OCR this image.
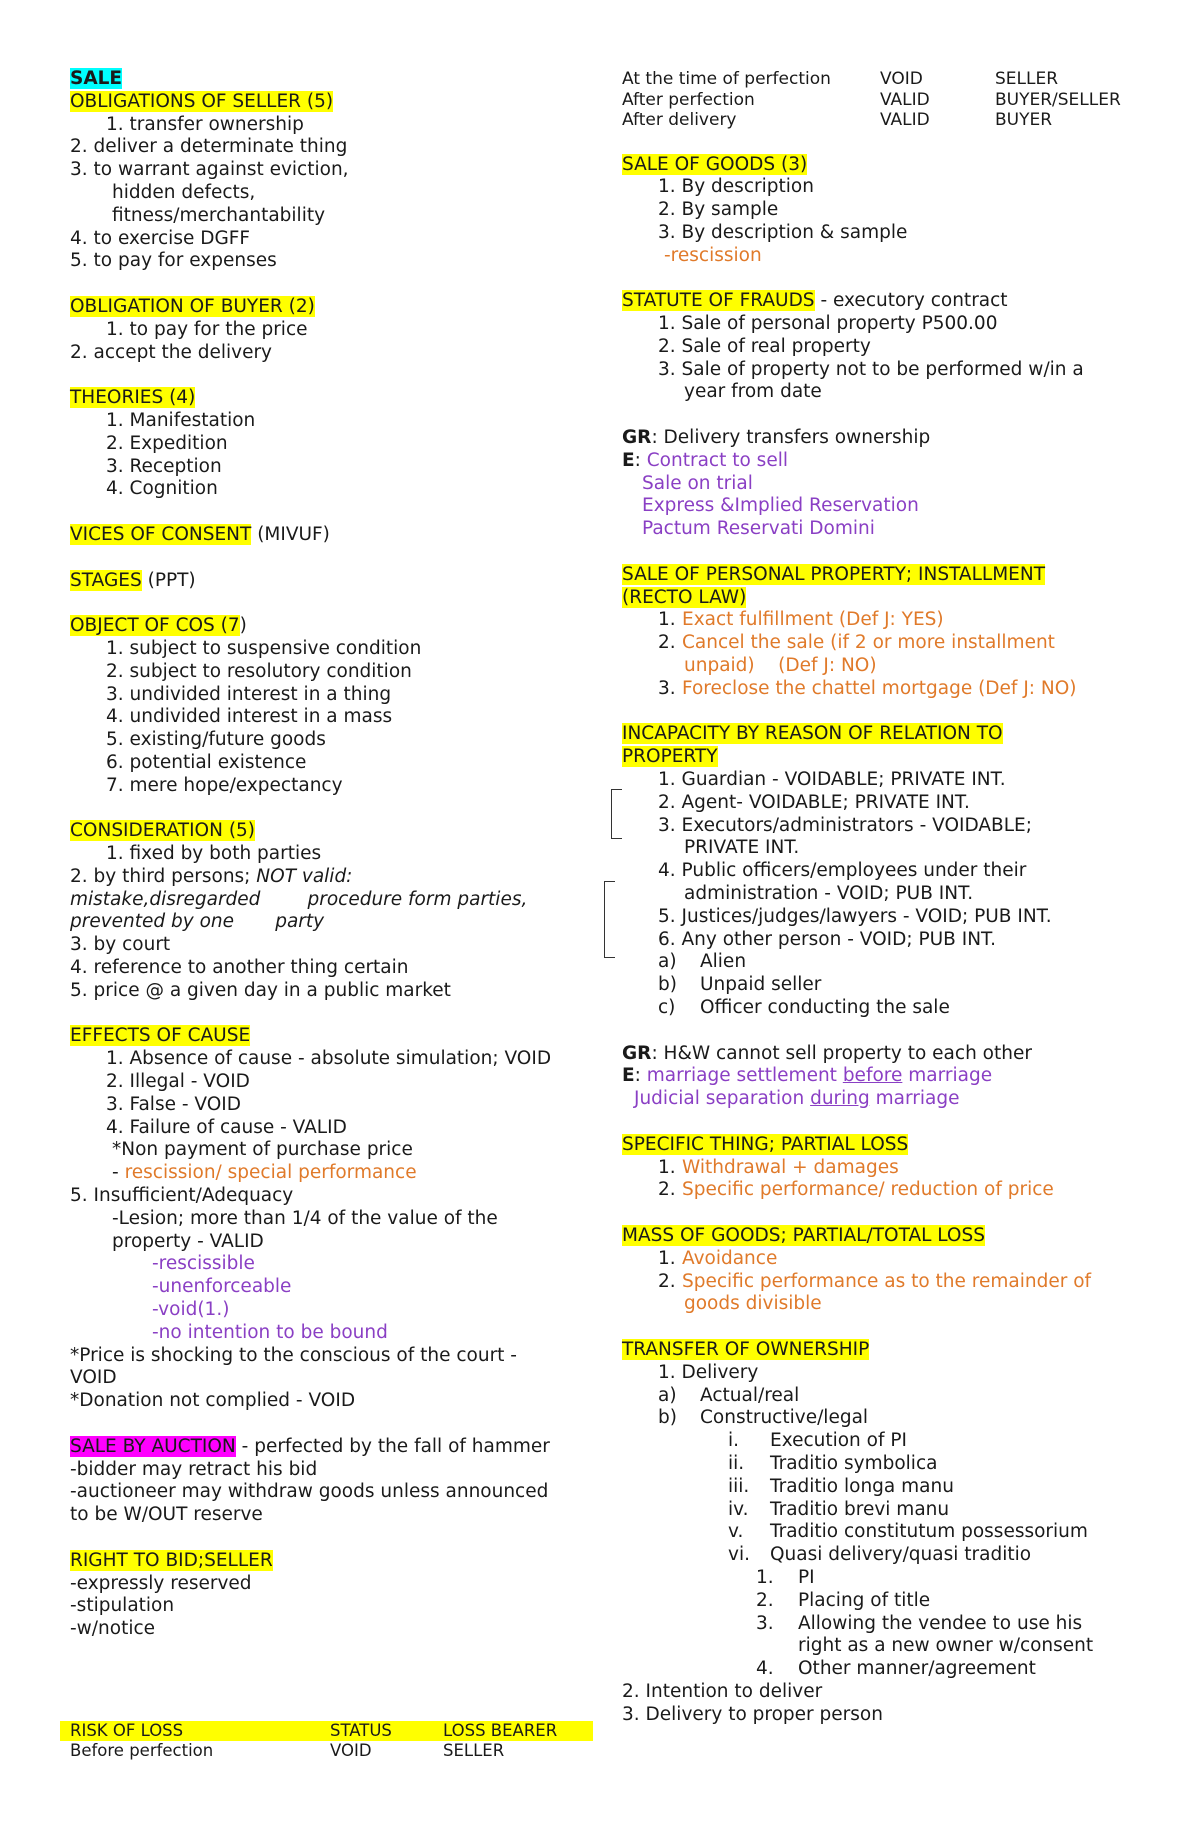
SALE
OBLIGATIONS OF SELLER (5)
1. transfer ownership
2. deliver a determinate thing
3. to warrant against eviction,
hidden defects,
fitness/merchantability
4. to exercise DGFF
5. to pay for expenses
OBLIGATION OF BUYER (2)
1. to pay for the price
2. accept the delivery
THEORIES (4)
1. Manifestation
2. Expedition
3. Reception
4. Cognition
VICES OF CONSENT (MIVUF)
STAGES (PPT)
OBJECT OF COS (7)
1. subject to suspensive condition
2. subject to resolutory condition
3. undivided interest in a thing
4. undivided interest in a mass
5. existing/future goods
6. potential existence
7. mere hope/expectancy
CONSIDERATION (5)
1. fixed by both parties
2. by third persons; NOT valid:
mistake,disregarded        procedure form parties,
prevented by one       party
3. by court
4. reference to another thing certain
5. price @ a given day in a public market
EFFECTS OF CAUSE
1. Absence of cause - absolute simulation; VOID
2. Illegal - VOID
3. False - VOID
4. Failure of cause - VALID
*Non payment of purchase price
- rescission/ special performance
5. Insufficient/Adequacy
-Lesion; more than 1/4 of the value of the
property - VALID
-rescissible
-unenforceable
-void(1.)
-no intention to be bound
*Price is shocking to the conscious of the court -
VOID
*Donation not complied - VOID
SALE BY AUCTION - perfected by the fall of hammer
-bidder may retract his bid
-auctioneer may withdraw goods unless announced
to be W/OUT reserve
RIGHT TO BID;SELLER
-expressly reserved
-stipulation
-w/notice
RISK OF LOSS	STATUS	LOSS BEARER
Before perfection	VOID	SELLER
At the time of perfection	VOID	SELLER
After perfection	VALID	BUYER/SELLER
After delivery	VALID	BUYER
SALE OF GOODS (3)
1. By description
2. By sample
3. By description & sample
-rescission
STATUTE OF FRAUDS - executory contract
1. Sale of personal property P500.00
2. Sale of real property
3. Sale of property not to be performed w/in a
year from date
GR: Delivery transfers ownership
E: Contract to sell
Sale on trial
Express &Implied Reservation
Pactum Reservati Domini
SALE OF PERSONAL PROPERTY; INSTALLMENT
(RECTO LAW)
1. Exact fulfillment (Def J: YES)
2. Cancel the sale (if 2 or more installment
unpaid)    (Def J: NO)
3. Foreclose the chattel mortgage (Def J: NO)
INCAPACITY BY REASON OF RELATION TO
PROPERTY
1. Guardian - VOIDABLE; PRIVATE INT.
2. Agent- VOIDABLE; PRIVATE INT.
3. Executors/administrators - VOIDABLE;
PRIVATE INT.
4. Public officers/employees under their
administration - VOID; PUB INT.
5. Justices/judges/lawyers - VOID; PUB INT.
6. Any other person - VOID; PUB INT.
a) Alien
b) Unpaid seller
c) Officer conducting the sale
GR: H&W cannot sell property to each other
E: marriage settlement before marriage
Judicial separation during marriage
SPECIFIC THING; PARTIAL LOSS
1. Withdrawal + damages
2. Specific performance/ reduction of price
MASS OF GOODS; PARTIAL/TOTAL LOSS
1. Avoidance
2. Specific performance as to the remainder of
goods divisible
TRANSFER OF OWNERSHIP
1. Delivery
a) Actual/real
b) Constructive/legal
i. Execution of PI
ii. Traditio symbolica
iii. Traditio longa manu
iv. Traditio brevi manu
v. Traditio constitutum possessorium
vi. Quasi delivery/quasi traditio
1. PI
2. Placing of title
3. Allowing the vendee to use his
right as a new owner w/consent
4. Other manner/agreement
2. Intention to deliver
3. Delivery to proper person
